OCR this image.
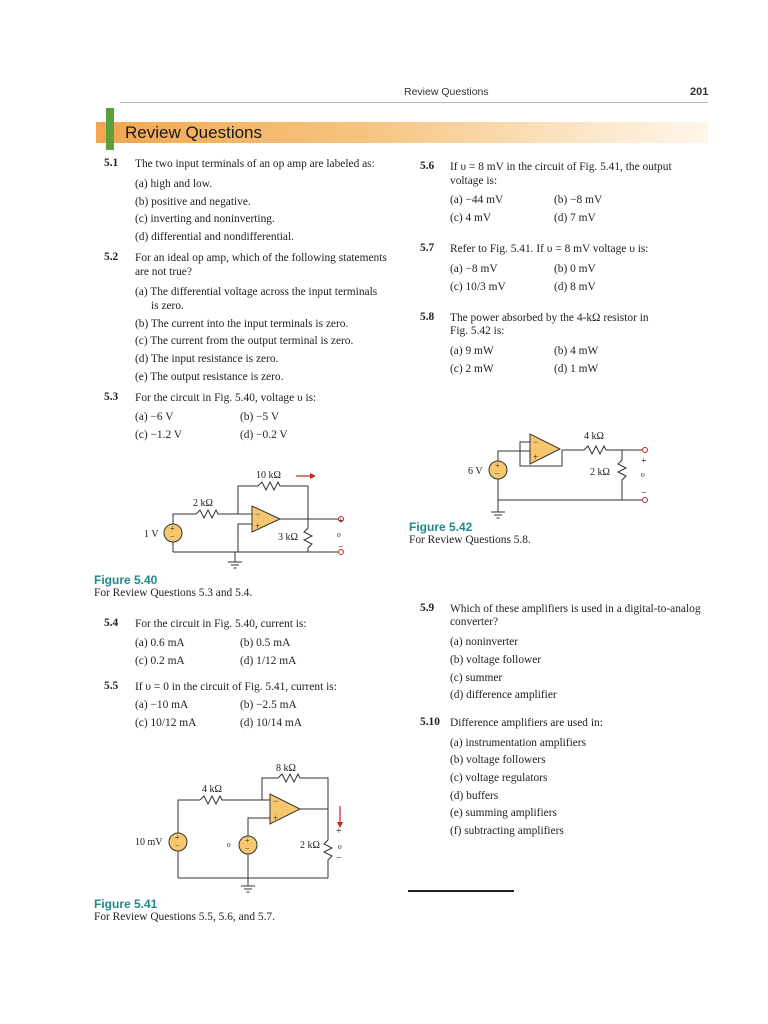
Review Questions	201
Review Questions
5.1 The two input terminals of an op amp are labeled as:
(a) high and low.
(b) positive and negative.
(c) inverting and noninverting.
(d) differential and nondifferential.
5.2 For an ideal op amp, which of the following statements
are not true?
(a) The differential voltage across the input terminals
is zero.
(b) The current into the input terminals is zero.
(c) The current from the output terminal is zero.
(d) The input resistance is zero.
(e) The output resistance is zero.
5.3 For the circuit in Fig. 5.40, voltage υ is:
(a) −6 V	(b) −5 V
(c) −1.2 V	(d) −0.2 V
−
+
+
−
10 kΩ
2 kΩ
3 kΩ
1 V
+
−
υ
Figure 5.40
For Review Questions 5.3 and 5.4.
5.4 For the circuit in Fig. 5.40, current is:
(a) 0.6 mA	(b) 0.5 mA
(c) 0.2 mA	(d) 1/12 mA
5.5 If υ = 0 in the circuit of Fig. 5.41, current is:
(a) −10 mA	(b) −2.5 mA
(c) 10/12 mA	(d) 10/14 mA
−
+
+
−
+
−
8 kΩ
4 kΩ
2 kΩ
10 mV
+
−
υ
υ
Figure 5.41
For Review Questions 5.5, 5.6, and 5.7.
5.6 If υ = 8 mV in the circuit of Fig. 5.41, the output
voltage is:
(a) −44 mV	(b) −8 mV
(c) 4 mV	(d) 7 mV
5.7 Refer to Fig. 5.41. If υ = 8 mV voltage υ is:
(a) −8 mV	(b) 0 mV
(c) 10/3 mV	(d) 8 mV
5.8 The power absorbed by the 4-kΩ resistor in
Fig. 5.42 is:
(a) 9 mW	(b) 4 mW
(c) 2 mW	(d) 1 mW
−
+
+
−
4 kΩ
2 kΩ
6 V
+
−
υ
Figure 5.42
For Review Questions 5.8.
5.9 Which of these amplifiers is used in a digital-to-analog
converter?
(a) noninverter
(b) voltage follower
(c) summer
(d) difference amplifier
5.10 Difference amplifiers are used in:
(a) instrumentation amplifiers
(b) voltage followers
(c) voltage regulators
(d) buffers
(e) summing amplifiers
(f) subtracting amplifiers
